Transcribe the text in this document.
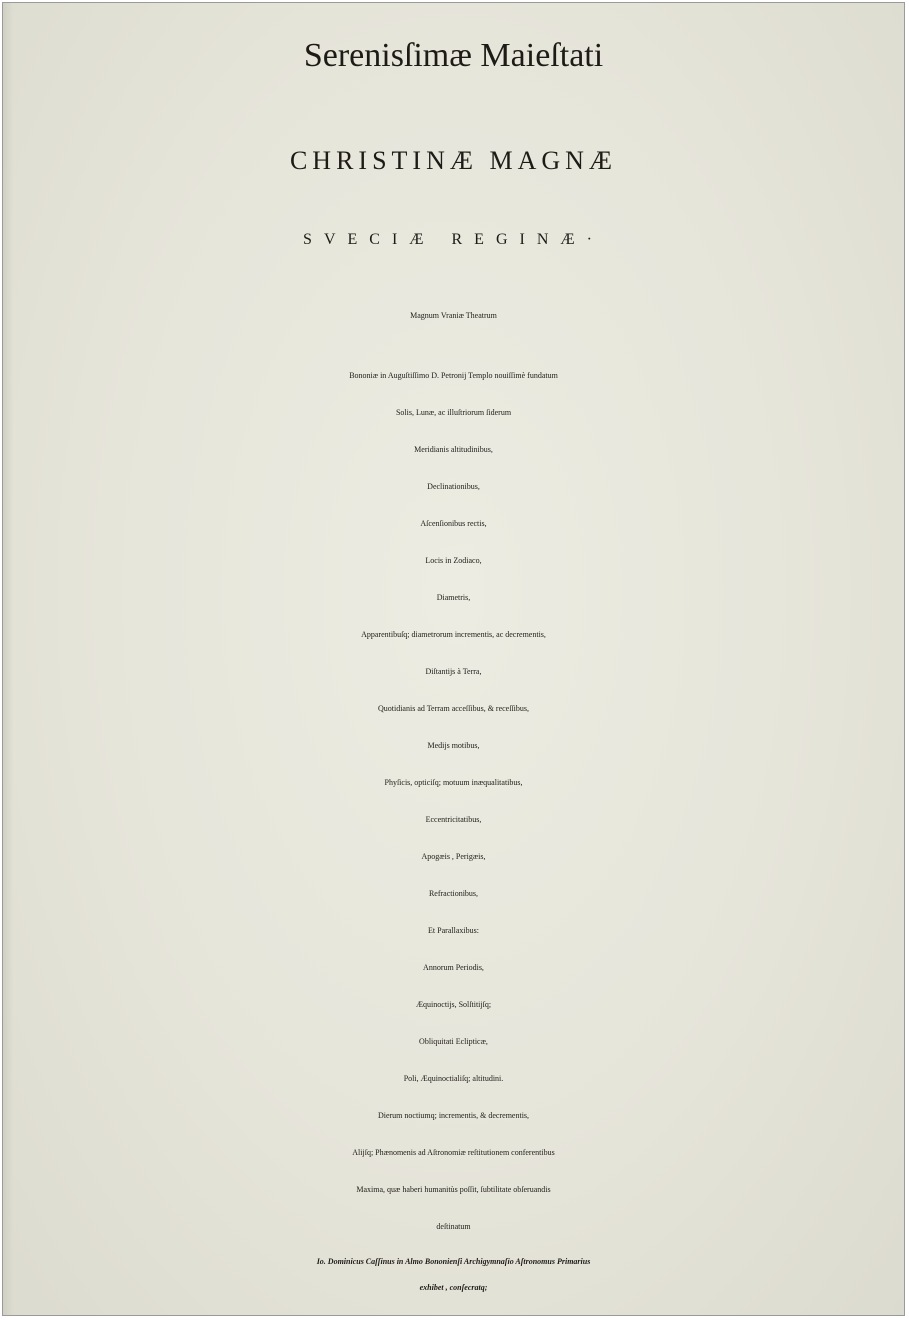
Serenisſimæ Maieſtati
CHRISTINÆ MAGNÆ
SVECIÆ REGINÆ·
Magnum Vraniæ Theatrum
Bononiæ in Auguſtiſſimo D. Petronij Templo nouiſſimè fundatum
Solis, Lunæ, ac illuſtriorum ſiderum
Meridianis altitudinibus,
Declinationibus,
Aſcenſionibus rectis,
Locis in Zodiaco,
Diametris,
Apparentibuſq; diametrorum incrementis, ac decrementis,
Diſtantijs à Terra,
Quotidianis ad Terram acceſſibus, & receſſibus,
Medijs motibus,
Phyſicis, opticiſq; motuum inæqualitatibus,
Eccentricitatibus,
Apogæis , Perigæis,
Refractionibus,
Et Parallaxibus:
Annorum Periodis,
Æquinoctijs, Solſtitijſq;
Obliquitati Eclipticæ,
Poli, Æquinoctialiſq; altitudini.
Dierum noctiumq; incrementis, & decrementis,
Alijſq; Phænomenis ad Aſtronomiæ reſtitutionem conferentibus
Maxima, quæ haberi humanitùs poſſit, ſubtilitate obſeruandis
deſtinatum
Io. Dominicus Caſſinus in Almo Bononienſi Archigymnaſio Aſtronomus Primarius
exhibet , conſecratq;
